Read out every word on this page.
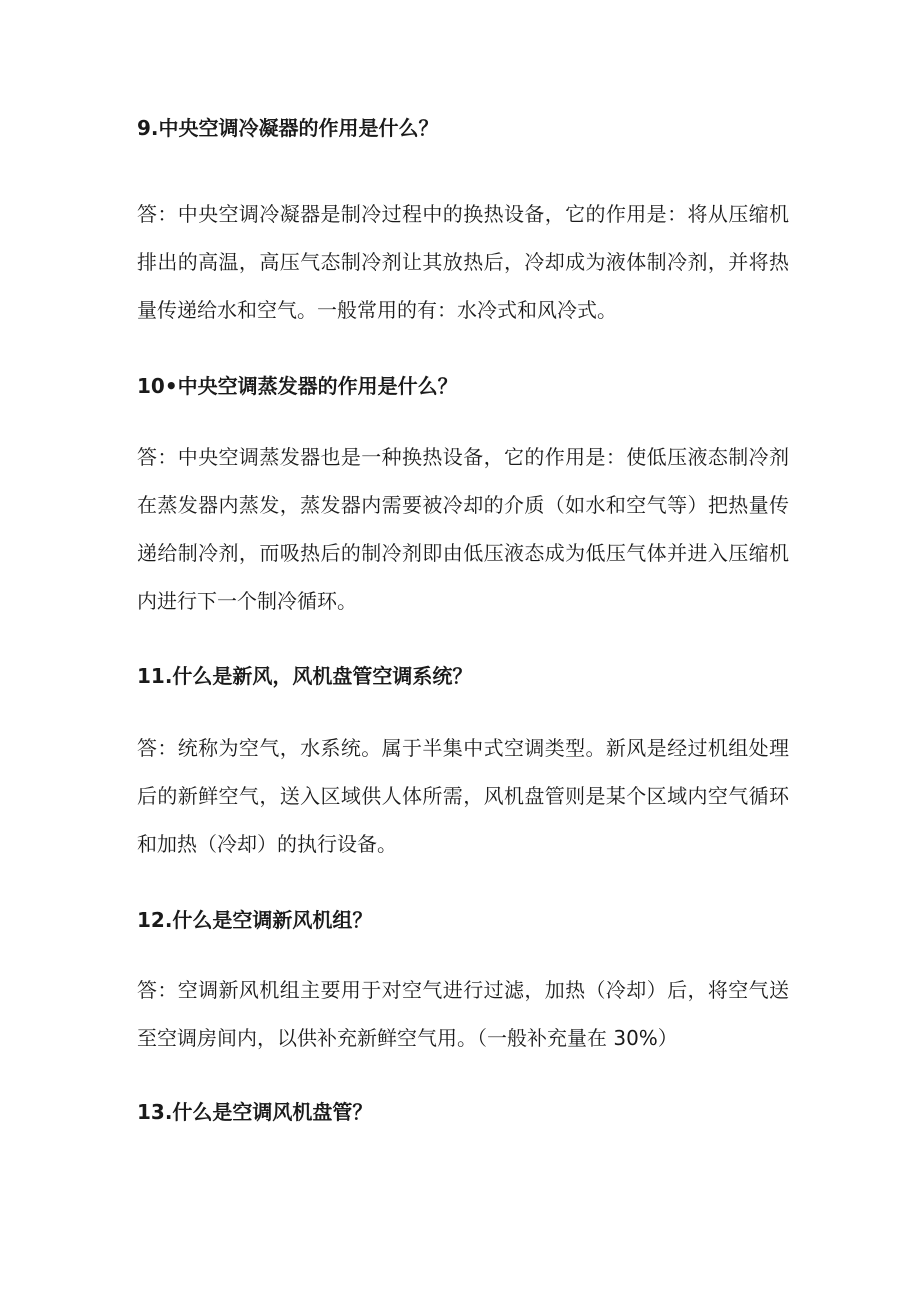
9.中央空调冷凝器的作用是什么？

答：中央空调冷凝器是制冷过程中的换热设备，它的作用是：将从压缩机排出的高温，高压气态制冷剂让其放热后，冷却成为液体制冷剂，并将热量传递给水和空气。一般常用的有：水冷式和风冷式。

10•中央空调蒸发器的作用是什么？

答：中央空调蒸发器也是一种换热设备，它的作用是：使低压液态制冷剂在蒸发器内蒸发，蒸发器内需要被冷却的介质（如水和空气等）把热量传递给制冷剂，而吸热后的制冷剂即由低压液态成为低压气体并进入压缩机内进行下一个制冷循环。

11.什么是新风，风机盘管空调系统？

答：统称为空气，水系统。属于半集中式空调类型。新风是经过机组处理后的新鲜空气，送入区域供人体所需，风机盘管则是某个区域内空气循环和加热（冷却）的执行设备。

12.什么是空调新风机组？

答：空调新风机组主要用于对空气进行过滤，加热（冷却）后，将空气送至空调房间内，以供补充新鲜空气用。（一般补充量在 30%）

13.什么是空调风机盘管？
